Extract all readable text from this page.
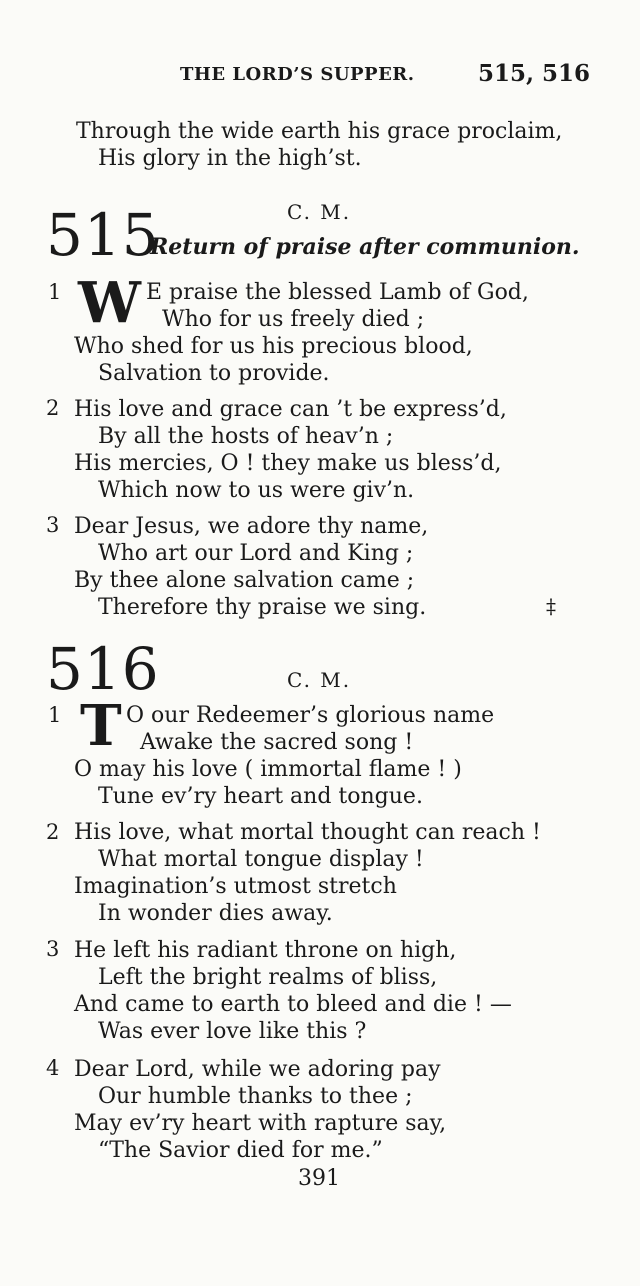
THE LORD’S SUPPER.	515, 516
Through the wide earth his grace proclaim,
His glory in the high’st.
515	C. M.
Return of praise after communion.
1 W E praise the blessed Lamb of God,
Who for us freely died ;
Who shed for us his precious blood,
Salvation to provide.
2 His love and grace can ’t be express’d,
By all the hosts of heav’n ;
His mercies, O ! they make us bless’d,
Which now to us were giv’n.
3 Dear Jesus, we adore thy name,
Who art our Lord and King ;
By thee alone salvation came ;
Therefore thy praise we sing.	‡
516	C. M.
1 T O our Redeemer’s glorious name
Awake the sacred song !
O may his love ( immortal flame ! )
Tune ev’ry heart and tongue.
2 His love, what mortal thought can reach !
What mortal tongue display !
Imagination’s utmost stretch
In wonder dies away.
3 He left his radiant throne on high,
Left the bright realms of bliss,
And came to earth to bleed and die ! —
Was ever love like this ?
4 Dear Lord, while we adoring pay
Our humble thanks to thee ;
May ev’ry heart with rapture say,
“The Savior died for me.”
391
